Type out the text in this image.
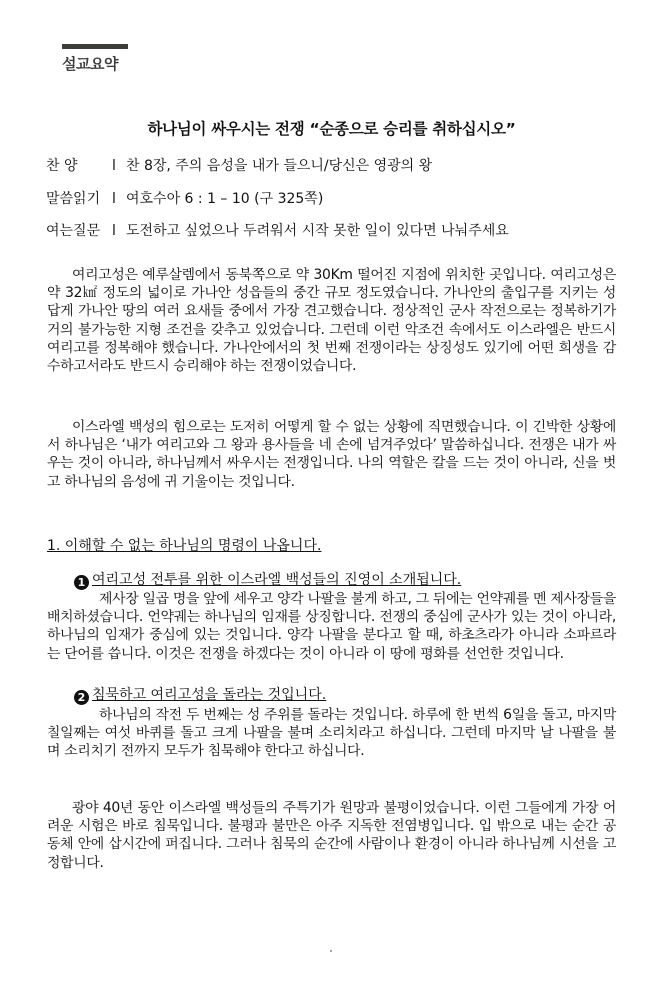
설교요약
하나님이 싸우시는 전쟁 “순종으로 승리를 취하십시오”
찬 양 l 찬 8장, 주의 음성을 내가 들으니/당신은 영광의 왕
말씀읽기 l 여호수아 6 : 1 – 10 (구 325쪽)
여는질문 l 도전하고 싶었으나 두려워서 시작 못한 일이 있다면 나눠주세요

여리고성은 예루살렘에서 동북쪽으로 약 30Km 떨어진 지점에 위치한 곳입니다. 여리고성은 약 32㎢ 정도의 넓이로 가나안 성읍들의 중간 규모 정도였습니다. 가나안의 출입구를 지키는 성답게 가나안 땅의 여러 요새들 중에서 가장 견고했습니다. 정상적인 군사 작전으로는 정복하기가 거의 불가능한 지형 조건을 갖추고 있었습니다. 그런데 이런 악조건 속에서도 이스라엘은 반드시 여리고를 정복해야 했습니다. 가나안에서의 첫 번째 전쟁이라는 상징성도 있기에 어떤 희생을 감수하고서라도 반드시 승리해야 하는 전쟁이었습니다.

이스라엘 백성의 힘으로는 도저히 어떻게 할 수 없는 상황에 직면했습니다. 이 긴박한 상황에서 하나님은 ‘내가 여리고와 그 왕과 용사들을 네 손에 넘겨주었다’ 말씀하십니다. 전쟁은 내가 싸우는 것이 아니라, 하나님께서 싸우시는 전쟁입니다. 나의 역할은 칼을 드는 것이 아니라, 신을 벗고 하나님의 음성에 귀 기울이는 것입니다.

1. 이해할 수 없는 하나님의 명령이 나옵니다.
1 여리고성 전투를 위한 이스라엘 백성들의 진영이 소개됩니다.

제사장 일곱 명을 앞에 세우고 양각 나팔을 불게 하고, 그 뒤에는 언약궤를 멘 제사장들을 배치하셨습니다. 언약궤는 하나님의 임재를 상징합니다. 전쟁의 중심에 군사가 있는 것이 아니라, 하나님의 임재가 중심에 있는 것입니다. 양각 나팔을 분다고 할 때, 하초츠라가 아니라 소파르라는 단어를 씁니다. 이것은 전쟁을 하겠다는 것이 아니라 이 땅에 평화를 선언한 것입니다.

2 침묵하고 여리고성을 돌라는 것입니다.

하나님의 작전 두 번째는 성 주위를 돌라는 것입니다. 하루에 한 번씩 6일을 돌고, 마지막 칠일째는 여섯 바퀴를 돌고 크게 나팔을 불며 소리치라고 하십니다. 그런데 마지막 날 나팔을 불며 소리치기 전까지 모두가 침묵해야 한다고 하십니다.

광야 40년 동안 이스라엘 백성들의 주특기가 원망과 불평이었습니다. 이런 그들에게 가장 어려운 시험은 바로 침묵입니다. 불평과 불만은 아주 지독한 전염병입니다. 입 밖으로 내는 순간 공동체 안에 삽시간에 퍼집니다. 그러나 침묵의 순간에 사람이나 환경이 아니라 하나님께 시선을 고정합니다.
